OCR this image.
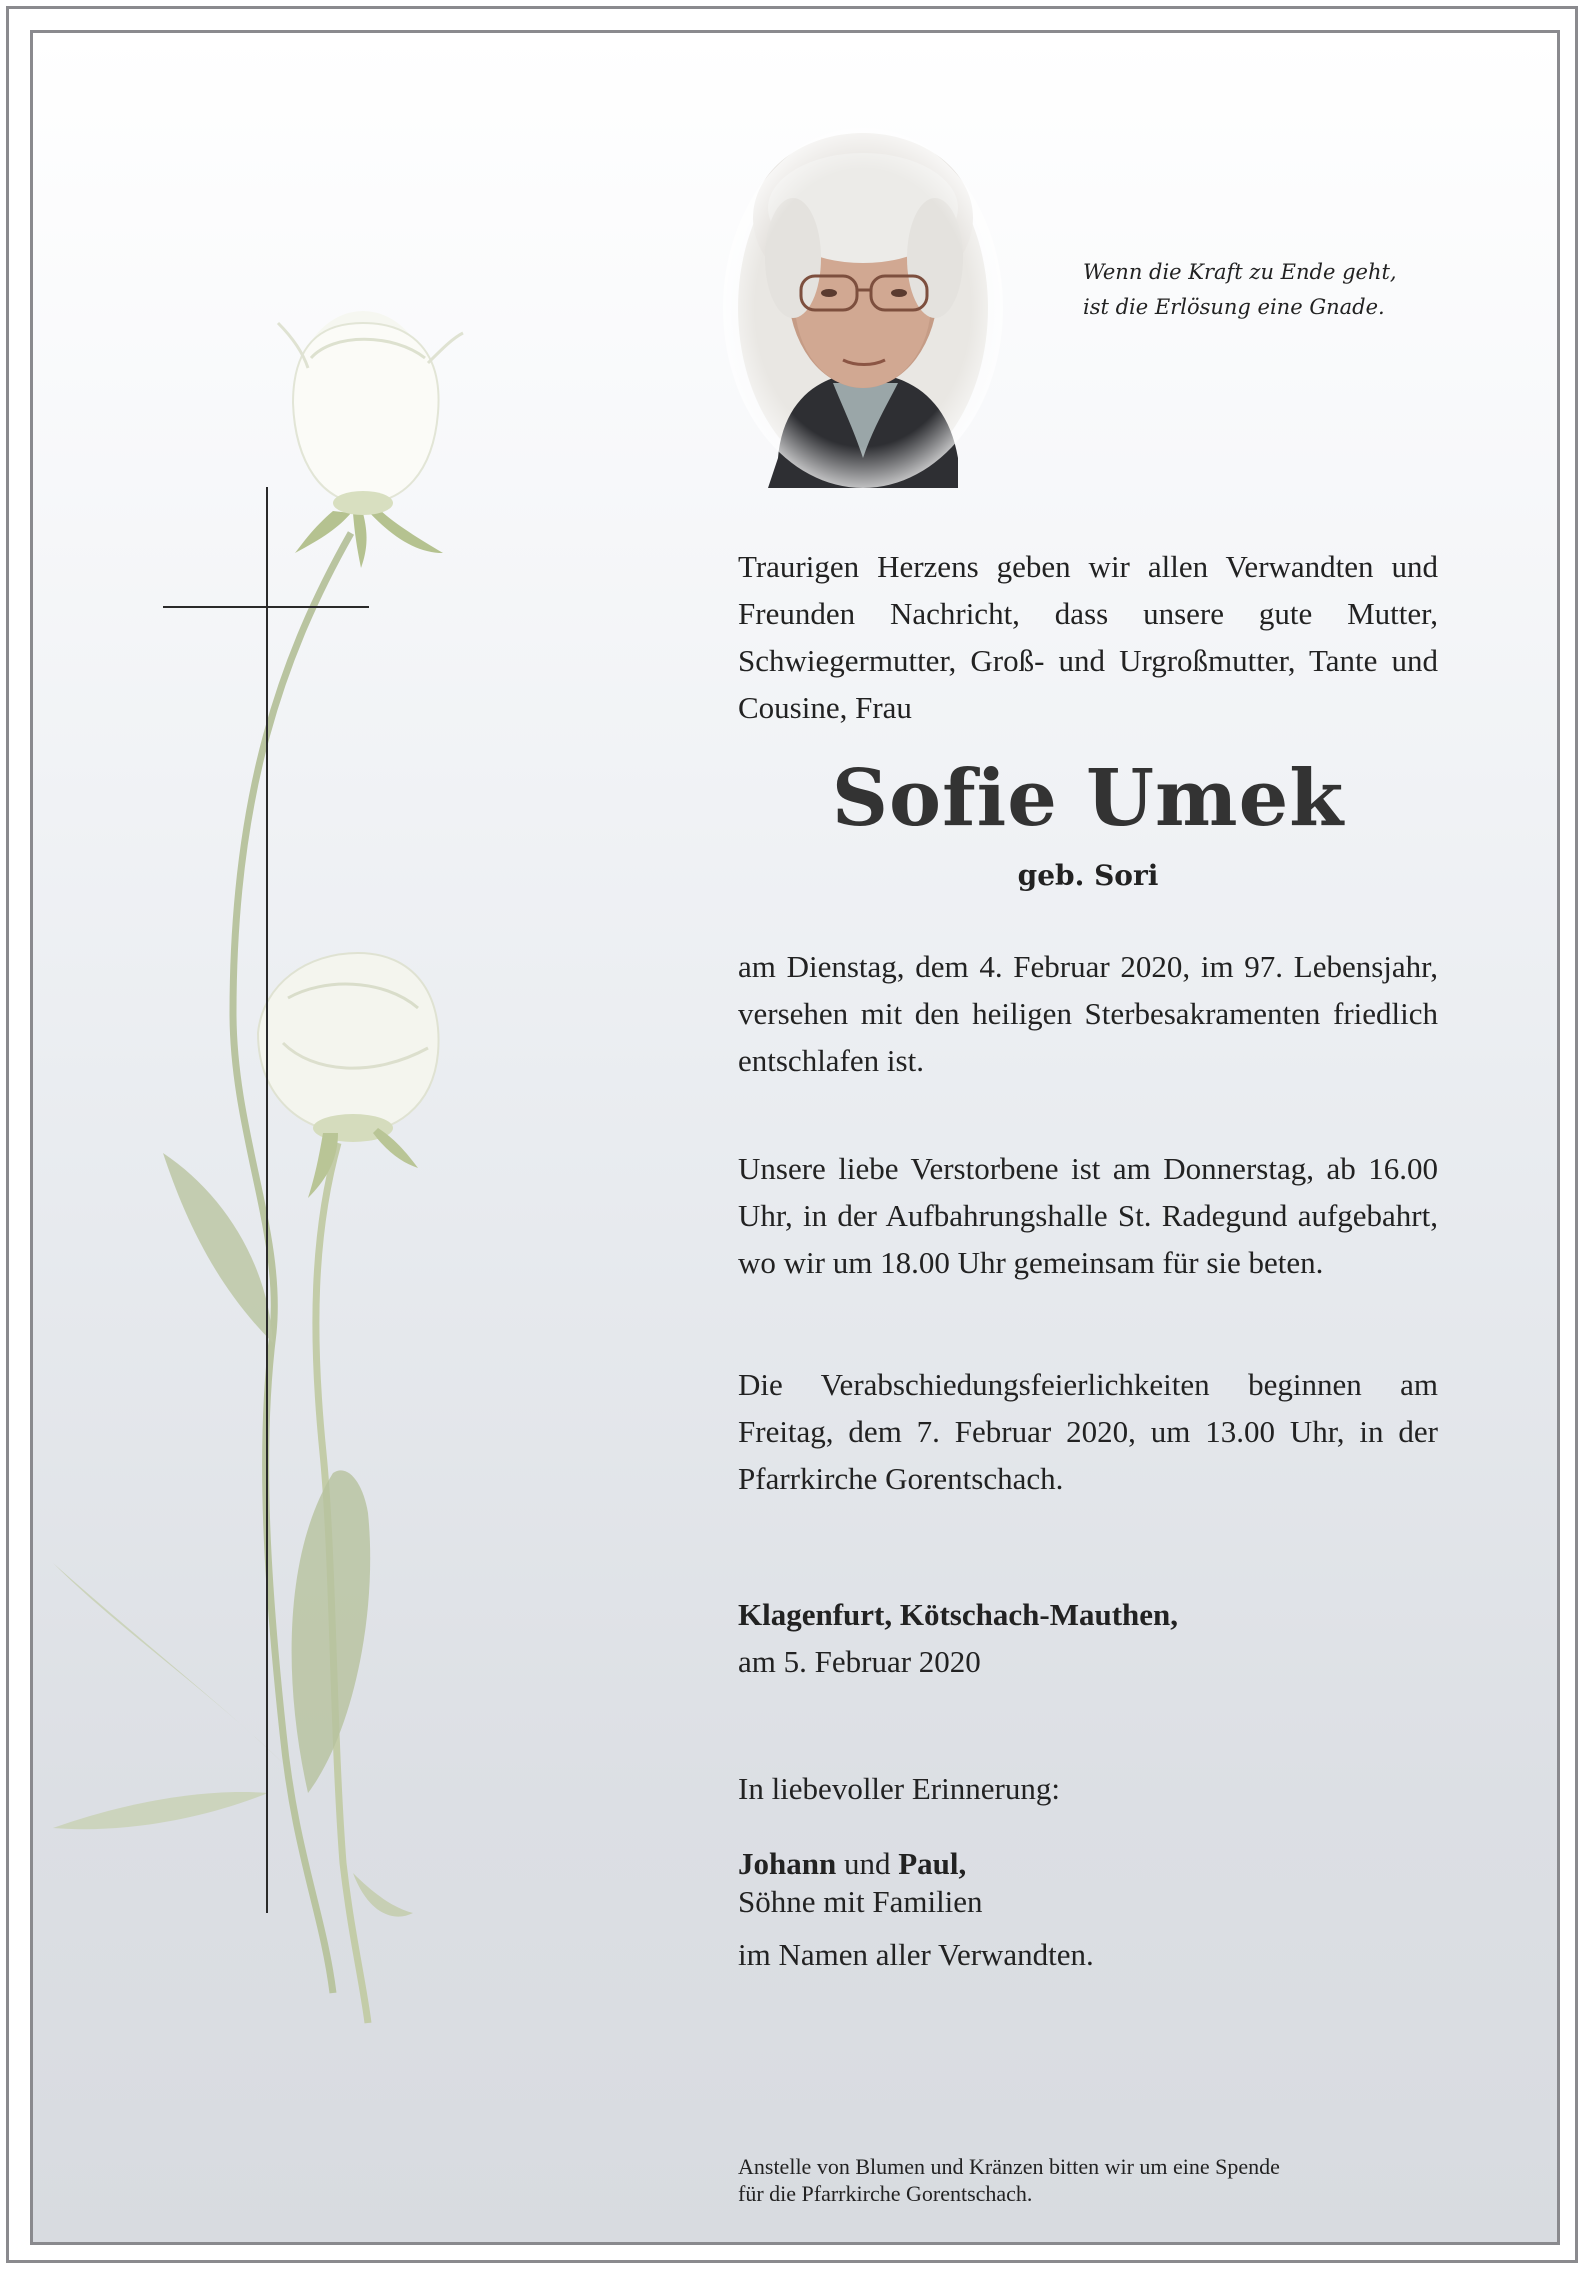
Wenn die Kraft zu Ende geht,
ist die Erlösung eine Gnade.
Traurigen Herzens geben wir allen Verwandten und Freunden Nachricht, dass unsere gute Mutter, Schwiegermutter, Groß- und Urgroßmutter, Tante und Cousine, Frau
Sofie Umek
geb. Sori
am Dienstag, dem 4. Februar 2020, im 97. Lebensjahr, versehen mit den heiligen Sterbesakramenten friedlich entschlafen ist.
Unsere liebe Verstorbene ist am Donnerstag, ab 16.00 Uhr, in der Aufbahrungshalle St. Radegund aufgebahrt, wo wir um 18.00 Uhr gemeinsam für sie beten.
Die Verabschiedungsfeierlichkeiten beginnen am Freitag, dem 7. Februar 2020, um 13.00 Uhr, in der Pfarrkirche Gorentschach.
Klagenfurt, Kötschach-Mauthen,
am 5. Februar 2020
In liebevoller Erinnerung:
Johann und Paul,
Söhne mit Familien
im Namen aller Verwandten.
Anstelle von Blumen und Kränzen bitten wir um eine Spende
für die Pfarrkirche Gorentschach.
